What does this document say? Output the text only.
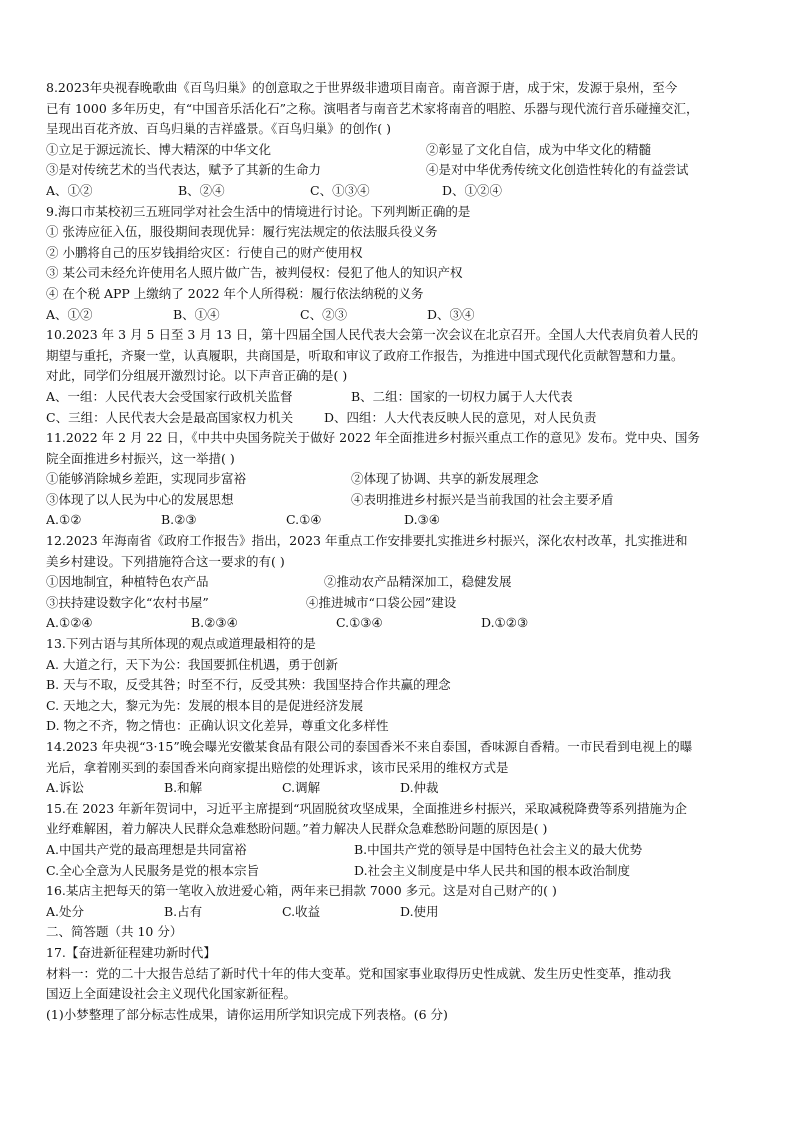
8.2023年央视春晚歌曲《百鸟归巢》的创意取之于世界级非遗项目南音。南音源于唐，成于宋，发源于泉州，至今
已有 1000 多年历史，有“中国音乐活化石”之称。演唱者与南音艺术家将南音的唱腔、乐器与现代流行音乐碰撞交汇，
呈现出百花齐放、百鸟归巢的吉祥盛景。《百鸟归巢》的创作( )
①立足于源远流长、博大精深的中华文化	②彰显了文化自信，成为中华文化的精髓
③是对传统艺术的当代表达，赋予了其新的生命力	④是对中华优秀传统文化创造性转化的有益尝试
A、①②	B、②④	C、①③④	D、①②④
9.海口市某校初三五班同学对社会生活中的情境进行讨论。下列判断正确的是
① 张涛应征入伍，服役期间表现优异：履行宪法规定的依法服兵役义务
② 小鹏将自己的压岁钱捐给灾区：行使自己的财产使用权
③ 某公司未经允许使用名人照片做广告，被判侵权：侵犯了他人的知识产权
④ 在个税 APP 上缴纳了 2022 年个人所得税：履行依法纳税的义务
A、①②	B、①④	C、②③	D、③④
10.2023 年 3 月 5 日至 3 月 13 日，第十四届全国人民代表大会第一次会议在北京召开。全国人大代表肩负着人民的
期望与重托，齐聚一堂，认真履职，共商国是，听取和审议了政府工作报告，为推进中国式现代化贡献智慧和力量。
对此，同学们分组展开激烈讨论。以下声音正确的是( )
A、一组：人民代表大会受国家行政机关监督	B、二组：国家的一切权力属于人大代表
C、三组：人民代表大会是最高国家权力机关	D、四组：人大代表反映人民的意见，对人民负责
11.2022 年 2 月 22 日，《中共中央国务院关于做好 2022 年全面推进乡村振兴重点工作的意见》发布。党中央、国务
院全面推进乡村振兴，这一举措( )
①能够消除城乡差距，实现同步富裕	②体现了协调、共享的新发展理念
③体现了以人民为中心的发展思想	④表明推进乡村振兴是当前我国的社会主要矛盾
A.①②	B.②③	C.①④	D.③④
12.2023 年海南省《政府工作报告》指出，2023 年重点工作安排要扎实推进乡村振兴，深化农村改革，扎实推进和
美乡村建设。下列措施符合这一要求的有( )
①因地制宜，种植特色农产品	②推动农产品精深加工，稳健发展
③扶持建设数字化“农村书屋”	④推进城市“口袋公园”建设
A.①②④	B.②③④	C.①③④	D.①②③
13.下列古语与其所体现的观点或道理最相符的是
A. 大道之行，天下为公：我国要抓住机遇，勇于创新
B. 天与不取，反受其咎；时至不行，反受其殃：我国坚持合作共赢的理念
C. 天地之大，黎元为先：发展的根本目的是促进经济发展
D. 物之不齐，物之情也：正确认识文化差异，尊重文化多样性
14.2023 年央视“3·15”晚会曝光安徽某食品有限公司的泰国香米不来自泰国，香味源自香精。一市民看到电视上的曝
光后，拿着刚买到的泰国香米向商家提出赔偿的处理诉求，该市民采用的维权方式是
A.诉讼	B.和解	C.调解	D.仲裁
15.在 2023 年新年贺词中，习近平主席提到“巩固脱贫攻坚成果，全面推进乡村振兴，采取减税降费等系列措施为企
业纾难解困，着力解决人民群众急难愁盼问题。”着力解决人民群众急难愁盼问题的原因是( )
A.中国共产党的最高理想是共同富裕	B.中国共产党的领导是中国特色社会主义的最大优势
C.全心全意为人民服务是党的根本宗旨	D.社会主义制度是中华人民共和国的根本政治制度
16.某店主把每天的第一笔收入放进爱心箱，两年来已捐款 7000 多元。这是对自己财产的( )
A.处分	B.占有	C.收益	D.使用
二、简答题（共 10 分）
17.【奋进新征程建功新时代】
材料一：党的二十大报告总结了新时代十年的伟大变革。党和国家事业取得历史性成就、发生历史性变革，推动我
国迈上全面建设社会主义现代化国家新征程。
(1)小梦整理了部分标志性成果，请你运用所学知识完成下列表格。(6 分)
